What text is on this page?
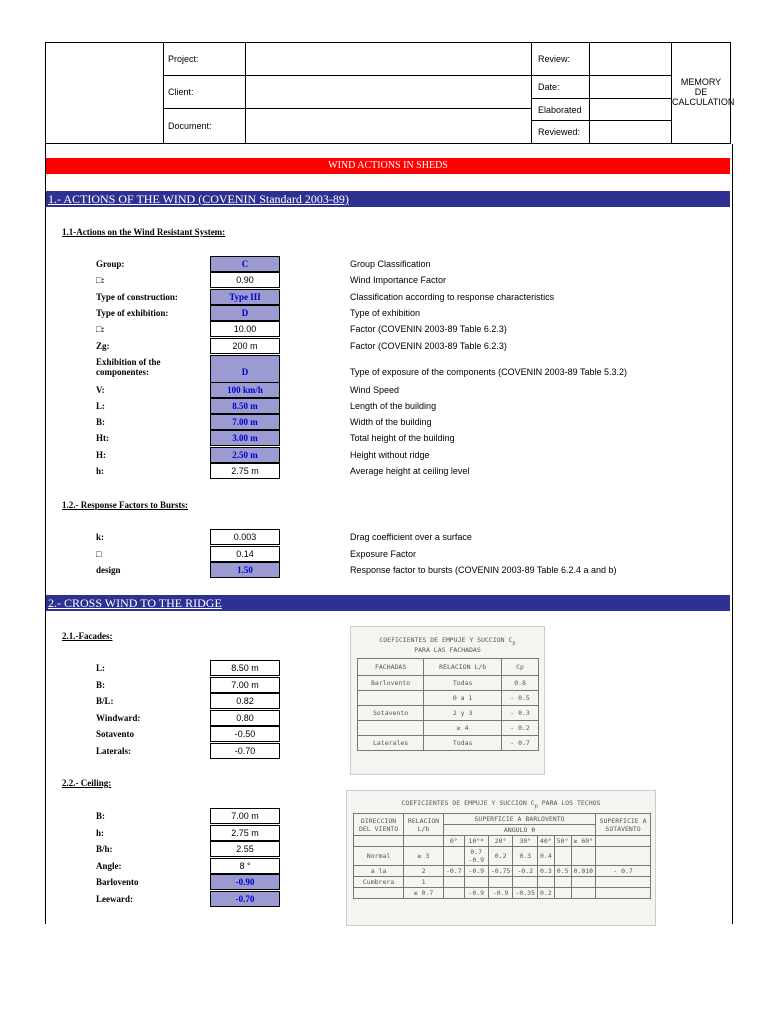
Project:
Client:
Document:
Review:
Date:
Elaborated
Reviewed:
MEMORY
DE
CALCULATION
WIND ACTIONS IN SHEDS
1.- ACTIONS OF THE WIND (COVENIN Standard 2003-89)
1.1-Actions on the Wind Resistant System:
Group:	C	Group Classification
□:	0.90	Wind Importance Factor
Type of construction:	Type III	Classification according to response characteristics
Type of exhibition:	D	Type of exhibition
□:	10.00	Factor (COVENIN 2003-89 Table 6.2.3)
Zg:	200 m	Factor (COVENIN 2003-89 Table 6.2.3)
Exhibition of the componentes:	D	Type of exposure of the components (COVENIN 2003-89 Table 5.3.2)
V:	100 km/h	Wind Speed
L:	8.50 m	Length of the building
B:	7.00 m	Width of the building
Ht:	3.00 m	Total height of the building
H:	2.50 m	Height without ridge
h:	2.75 m	Average height at ceiling level
1.2.- Response Factors to Bursts:
k:	0.003	Drag coefficient over a surface
□	0.14	Exposure Factor
design	1.50	Response factor to bursts (COVENIN 2003-89 Table 6.2.4 a and b)
2.- CROSS WIND TO THE RIDGE
2.1.-Facades:
L:	8.50 m
B:	7.00 m
B/L:	0.82
Windward:	0.80
Sotavento	-0.50
Laterals:	-0.70
2.2.- Ceiling:
B:	7.00 m
h:	2.75 m
B/h:	2.55
Angle:	8 °
Barlovento	-0.90
Leeward:	-0.70
COEFICIENTES DE EMPUJE Y SUCCION $C_p$
PARA LAS FACHADAS
FACHADAS	RELACION L/b	Cp
Barlovento	Todas	0.8
	0 a 1	- 0.5
Sotavento	2 y 3	- 0.3
	≥ 4	- 0.2
Laterales	Todas	- 0.7
COEFICIENTES DE EMPUJE Y SUCCION $C_p$ PARA LOS TECHOS
DIRECCION DEL VIENTO	RELACION L/b	SUPERFICIE A BARLOVENTO							SUPERFICIE A SOTAVENTO
		ANGULO θ							
		0°	10°*	20°	30°	40°	50°	≥ 60°	
Normal	≥ 3		0.7 -0.9	0.2	0.3	0.4			
a la	2	-0.7	-0.9	-0.75	-0.2	0.3	0.5	0.01θ	- 0.7
Cumbrera	1								
	≤ 0.7		-0.9	-0.9	-0.35	0.2			
